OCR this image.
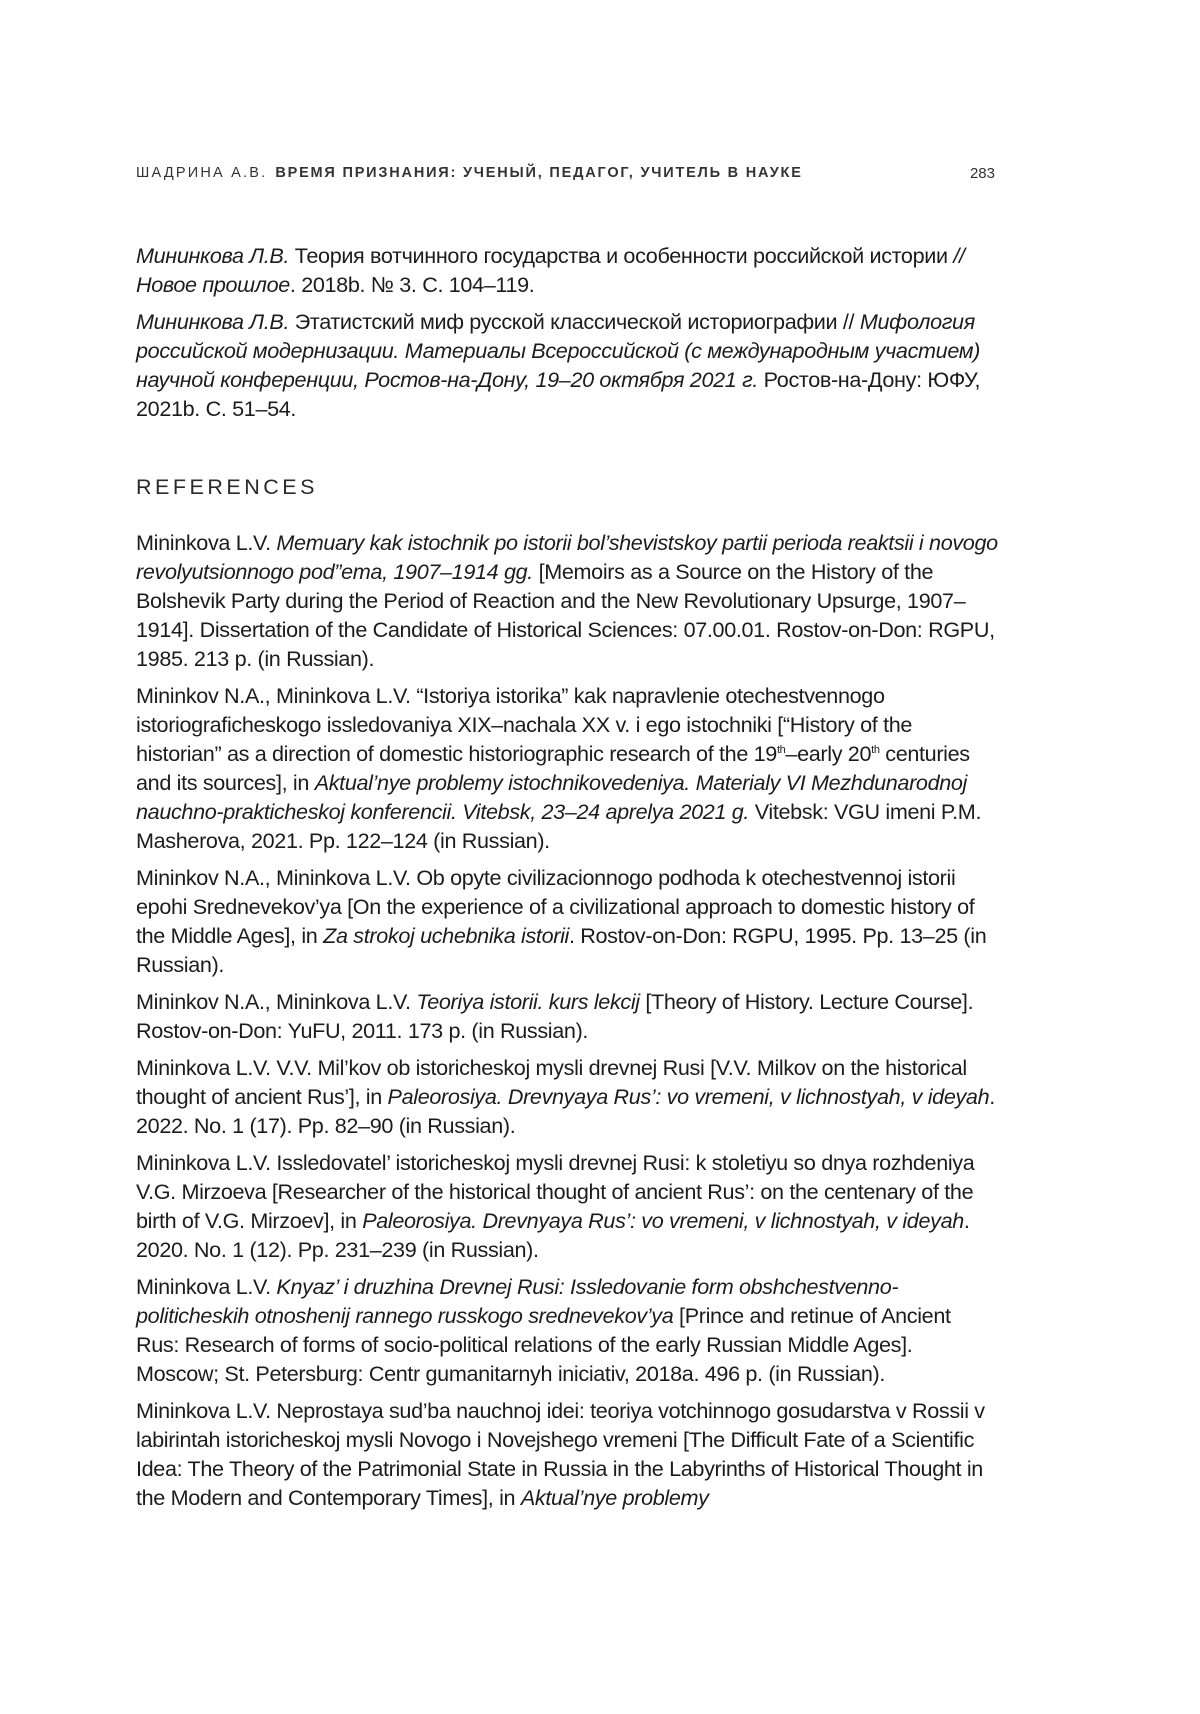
ШАДРИНА А.В. ВРЕМЯ ПРИЗНАНИЯ: УЧЕНЫЙ, ПЕДАГОГ, УЧИТЕЛЬ В НАУКЕ	283
Мининкова Л.В. Теория вотчинного государства и особенности российской истории // Новое прошлое. 2018b. № 3. С. 104–119.
Мининкова Л.В. Этатистский миф русской классической историографии // Мифология российской модернизации. Материалы Всероссийской (с международным участием) научной конференции, Ростов-на-Дону, 19–20 октября 2021 г. Ростов-на-Дону: ЮФУ, 2021b. С. 51–54.
REFERENCES
Mininkova L.V. Memuary kak istochnik po istorii bol’shevistskoy partii perioda reaktsii i novogo revolyutsionnogo pod”ema, 1907–1914 gg. [Memoirs as a Source on the History of the Bolshevik Party during the Period of Reaction and the New Revolutionary Upsurge, 1907–1914]. Dissertation of the Candidate of Historical Sciences: 07.00.01. Rostov-on-Don: RGPU, 1985. 213 p. (in Russian).
Mininkov N.A., Mininkova L.V. “Istoriya istorika” kak napravlenie otechestvennogo istoriograficheskogo issledovaniya XIX–nachala XX v. i ego istochniki [“History of the historian” as a direction of domestic historiographic research of the 19th–early 20th centuries and its sources], in Aktual’nye problemy istochnikovedeniya. Materialy VI Mezhdunarodnoj nauchno-prakticheskoj konferencii. Vitebsk, 23–24 aprelya 2021 g. Vitebsk: VGU imeni P.M. Masherova, 2021. Pp. 122–124 (in Russian).
Mininkov N.A., Mininkova L.V. Ob opyte civilizacionnogo podhoda k otechestvennoj istorii epohi Srednevekov’ya [On the experience of a civilizational approach to domestic history of the Middle Ages], in Za strokoj uchebnika istorii. Rostov-on-Don: RGPU, 1995. Pp. 13–25 (in Russian).
Mininkov N.A., Mininkova L.V. Teoriya istorii. kurs lekcij [Theory of History. Lecture Course]. Rostov-on-Don: YuFU, 2011. 173 p. (in Russian).
Mininkova L.V. V.V. Mil’kov ob istoricheskoj mysli drevnej Rusi [V.V. Milkov on the historical thought of ancient Rus’], in Paleorosiya. Drevnyaya Rus’: vo vremeni, v lichnostyah, v ideyah. 2022. No. 1 (17). Pp. 82–90 (in Russian).
Mininkova L.V. Issledovatel’ istoricheskoj mysli drevnej Rusi: k stoletiyu so dnya rozhdeniya V.G. Mirzoeva [Researcher of the historical thought of ancient Rus’: on the centenary of the birth of V.G. Mirzoev], in Paleorosiya. Drevnyaya Rus’: vo vremeni, v lichnostyah, v ideyah. 2020. No. 1 (12). Pp. 231–239 (in Russian).
Mininkova L.V. Knyaz’ i druzhina Drevnej Rusi: Issledovanie form obshchestvenno-politicheskih otnoshenij rannego russkogo srednevekov’ya [Prince and retinue of Ancient Rus: Research of forms of socio-political relations of the early Russian Middle Ages]. Moscow; St. Petersburg: Centr gumanitarnyh iniciativ, 2018a. 496 p. (in Russian).
Mininkova L.V. Neprostaya sud’ba nauchnoj idei: teoriya votchinnogo gosudarstva v Rossii v labirintah istoricheskoj mysli Novogo i Novejshego vremeni [The Difficult Fate of a Scientific Idea: The Theory of the Patrimonial State in Russia in the Labyrinths of Historical Thought in the Modern and Contemporary Times], in Aktual’nye problemy
